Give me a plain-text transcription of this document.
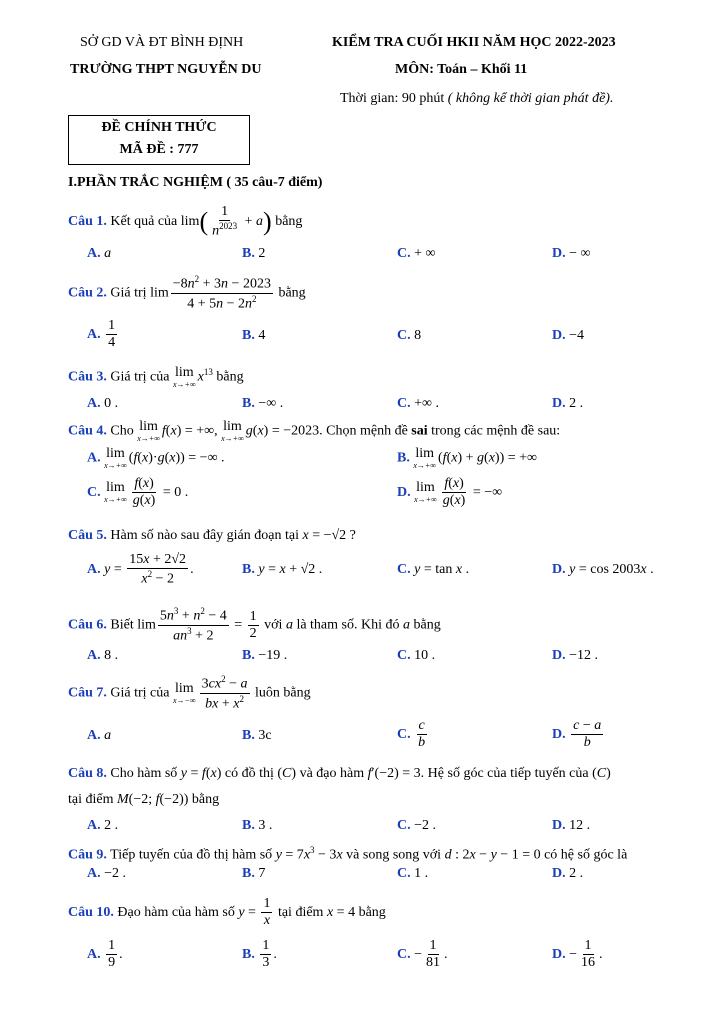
SỞ GD VÀ ĐT BÌNH ĐỊNH
TRƯỜNG THPT NGUYỄN DU
KIỂM TRA CUỐI HKII NĂM HỌC 2022-2023
MÔN: Toán – Khối 11
Thời gian: 90 phút ( không kể thời gian phát đề).
ĐỀ CHÍNH THỨC
MÃ ĐỀ : 777
I.PHẦN TRẮC NGHIỆM ( 35 câu-7 điểm)
Câu 1. Kết quả của $\lim( \frac{1}{n^{2023}} + a)$ bằng
A. a	B. 2	C. + ∞	D. − ∞
Câu 2. Giá trị $\lim \frac{-8n^2 + 3n - 2023}{4 + 5n - 2n^2}$ bằng
A. $\frac{1}{4}$	B. 4	C. 8	D. −4
Câu 3. Giá trị của lim
x→+∞ $x^{13}$ bằng
A. 0 .	B. −∞ .	C. +∞ .	D. 2 .
Câu 4. Cho lim
x→+∞ f(x) = +∞, lim
x→+∞ g(x) = −2023. Chọn mệnh đề sai trong các mệnh đề sau:
A. lim
x→+∞ (f(x)·g(x)) = −∞ .	B. lim
x→+∞ (f(x) + g(x)) = +∞
C. lim
$x\to+\infty \frac{f(x)}{g(x)} = 0$ .	D. lim
$x\to+\infty \frac{f(x)}{g(x)}$ = −∞
Câu 5. Hàm số nào sau đây gián đoạn tại x = −√2 ?
A. $y = \frac{15x + 2√2}{x^2 - 2}$ .	B. y = x + √2 .	C. y = tan x .	D. y = cos 2003x .
Câu 6. Biết $\lim \frac{5n^3 + n^2 - 4}{an^3 + 2} = \frac{1}{2}$ với a là tham số. Khi đó a bằng
A. 8 .	B. −19 .	C. 10 .	D. −12 .
Câu 7. Giá trị của lim
$x\to-\infty \frac{3cx^2 - a}{bx + x^2}$ luôn bằng
A. a	B. 3c	C. $\frac{c}{b}$	D. $\frac{c - a}{b}$
Câu 8. Cho hàm số y = f(x) có đồ thị (C) và đạo hàm f′(−2) = 3. Hệ số góc của tiếp tuyến của (C)
tại điểm M(−2; f(−2)) bằng
A. 2 .	B. 3 .	C. −2 .	D. 12 .
Câu 9. Tiếp tuyến của đồ thị hàm số $y = 7x^3 - 3x$ và song song với d : 2x − y − 1 = 0 có hệ số góc là
A. −2 .	B. 7	C. 1 .	D. 2 .
Câu 10. Đạo hàm của hàm số $y = \frac{1}{x}$ tại điểm x = 4 bằng
A. $\frac{1}{9}$ .	B. $\frac{1}{3}$ .	C. − $\frac{1}{81}$ .	D. − $\frac{1}{16}$ .
